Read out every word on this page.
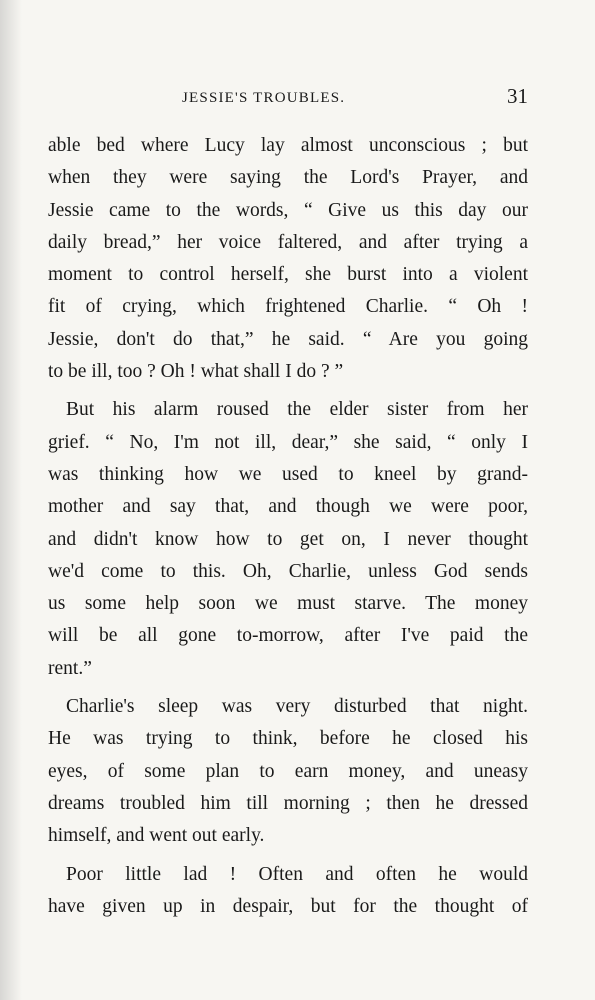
JESSIE'S TROUBLES.	31
able bed where Lucy lay almost unconscious ; but
when they were saying the Lord's Prayer, and
Jessie came to the words, “ Give us this day our
daily bread,” her voice faltered, and after trying a
moment to control herself, she burst into a violent
fit of crying, which frightened Charlie. “ Oh !
Jessie, don't do that,” he said. “ Are you going
to be ill, too ? Oh ! what shall I do ? ”
But his alarm roused the elder sister from her
grief. “ No, I'm not ill, dear,” she said, “ only I
was thinking how we used to kneel by grand-
mother and say that, and though we were poor,
and didn't know how to get on, I never thought
we'd come to this. Oh, Charlie, unless God sends
us some help soon we must starve. The money
will be all gone to-morrow, after I've paid the
rent.”
Charlie's sleep was very disturbed that night.
He was trying to think, before he closed his
eyes, of some plan to earn money, and uneasy
dreams troubled him till morning ; then he dressed
himself, and went out early.
Poor little lad ! Often and often he would
have given up in despair, but for the thought of
